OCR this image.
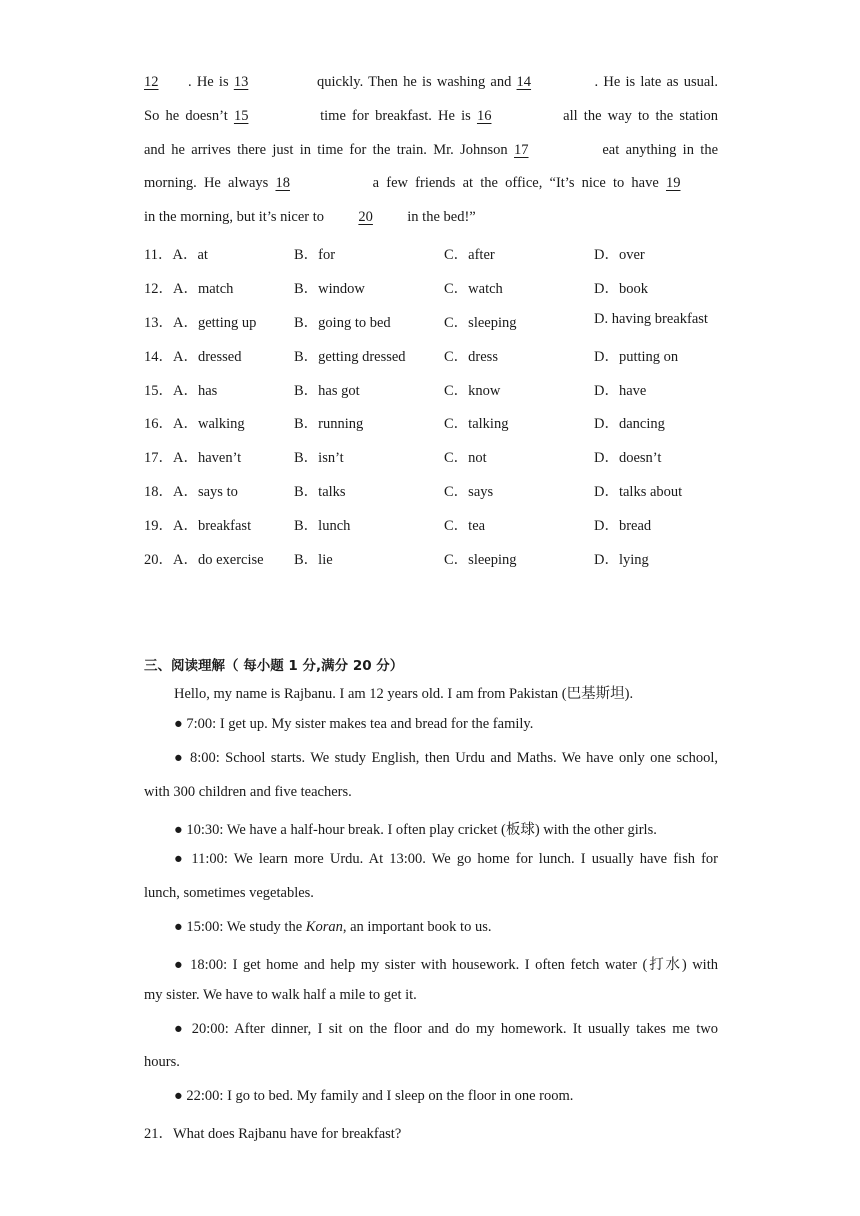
12 . He is 13	quickly. Then he is washing and 14	. He is late as usual.
So he doesn’t 15	time for breakfast. He is 16	all the way to the station
and he arrives there just in time for the train. Mr. Johnson 17	eat anything in the
morning. He always 18	a few friends at the office, “It’s nice to have 19
in the morning, but it’s nicer to 20 in the bed!”
11．A．at	B．for	C．after	D．over
12．A．match	B．window	C．watch	D．book
13．A．getting up	B．going to bed	C．sleeping	D. having breakfast
14．A．dressed	B．getting dressed	C．dress	D．putting on
15．A．has	B．has got	C．know	D．have
16．A．walking	B．running	C．talking	D．dancing
17．A．haven’t	B．isn’t	C．not	D．doesn’t
18．A．says to	B．talks	C．says	D．talks about
19．A．breakfast	B．lunch	C．tea	D．bread
20．A．do exercise B．lie	C．sleeping	D．lying
三、阅读理解（ 每小题 1 分,满分 20 分）
Hello, my name is Rajbanu. I am 12 years old. I am from Pakistan (巴基斯坦).
● 7:00: I get up. My sister makes tea and bread for the family.
● 8:00: School starts. We study English, then Urdu and Maths. We have only one school,
with 300 children and five teachers.
● 10:30: We have a half-hour break. I often play cricket (板球) with the other girls.
● 11:00: We learn more Urdu. At 13:00. We go home for lunch. I usually have fish for
lunch, sometimes vegetables.
● 15:00: We study the Koran, an important book to us.
● 18:00: I get home and help my sister with housework. I often fetch water (打水) with
my sister. We have to walk half a mile to get it.
● 20:00: After dinner, I sit on the floor and do my homework. It usually takes me two
hours.
● 22:00: I go to bed. My family and I sleep on the floor in one room.
21．What does Rajbanu have for breakfast?
